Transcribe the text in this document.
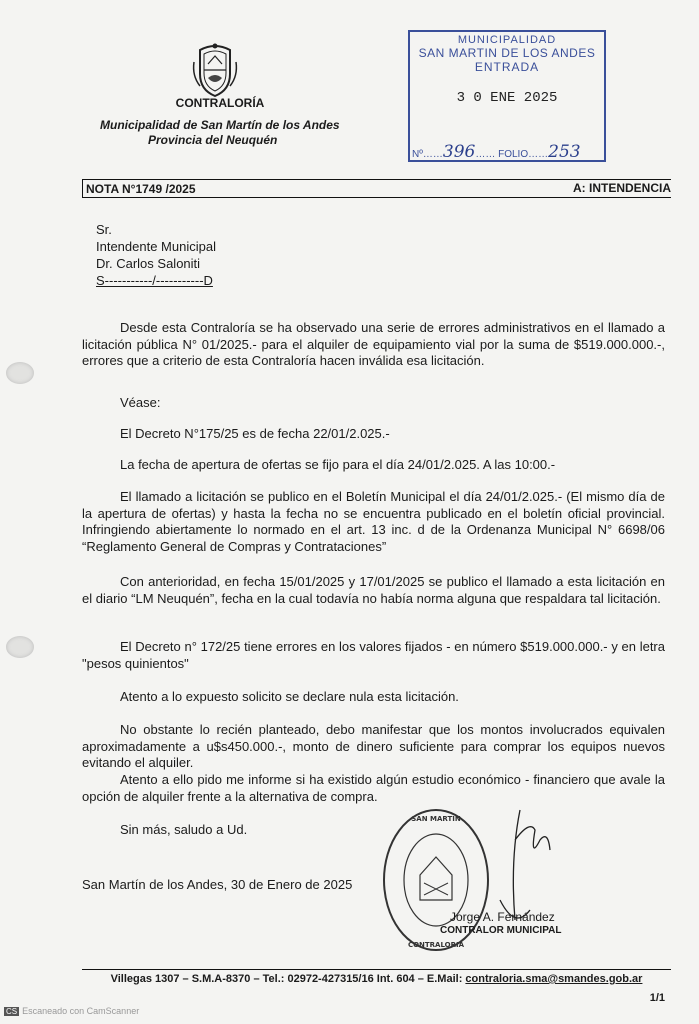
CONTRALORÍA
Municipalidad de San Martín de los Andes
Provincia del Neuquén
MUNICIPALIDAD
SAN MARTIN DE LOS ANDES
ENTRADA
3 0 ENE 2025
Nº……396…… FOLIO……253
NOTA N°1749 /2025	A: INTENDENCIA
Sr.
Intendente Municipal
Dr. Carlos Saloniti
S-----------/-----------D

Desde esta Contraloría se ha observado una serie de errores administrativos en el llamado a licitación pública N° 01/2025.- para el alquiler de equipamiento vial por la suma de $519.000.000.-, errores que a criterio de esta Contraloría hacen inválida esa licitación.

Véase:

El Decreto N°175/25 es de fecha 22/01/2.025.-

La fecha de apertura de ofertas se fijo para el día 24/01/2.025. A las 10:00.-

El llamado a licitación se publico en el Boletín Municipal el día 24/01/2.025.- (El mismo día de la apertura de ofertas) y hasta la fecha no se encuentra publicado en el boletín oficial provincial. Infringiendo abiertamente lo normado en el art. 13 inc. d de la Ordenanza Municipal N° 6698/06 “Reglamento General de Compras y Contrataciones”

Con anterioridad, en fecha 15/01/2025 y 17/01/2025 se publico el llamado a esta licitación en el diario “LM Neuquén”, fecha en la cual todavía no había norma alguna que respaldara tal licitación.

El Decreto n° 172/25 tiene errores en los valores fijados - en número $519.000.000.- y en letra "pesos quinientos"

Atento a lo expuesto solicito se declare nula esta licitación.

No obstante lo recién planteado, debo manifestar que los montos involucrados equivalen aproximadamente a u$s450.000.-, monto de dinero suficiente para comprar los equipos nuevos evitando el alquiler.

Atento a ello pido me informe si ha existido algún estudio económico - financiero que avale la opción de alquiler frente a la alternativa de compra.

Sin más, saludo a Ud.

San Martín de los Andes, 30 de Enero de 2025
SAN MARTIN
CONTRALORIA
Jorge A. Fernández
CONTRALOR MUNICIPAL
Villegas 1307 – S.M.A-8370 – Tel.: 02972-427315/16 Int. 604 – E.Mail: contraloria.sma@smandes.gob.ar
1/1
CS Escaneado con CamScanner
